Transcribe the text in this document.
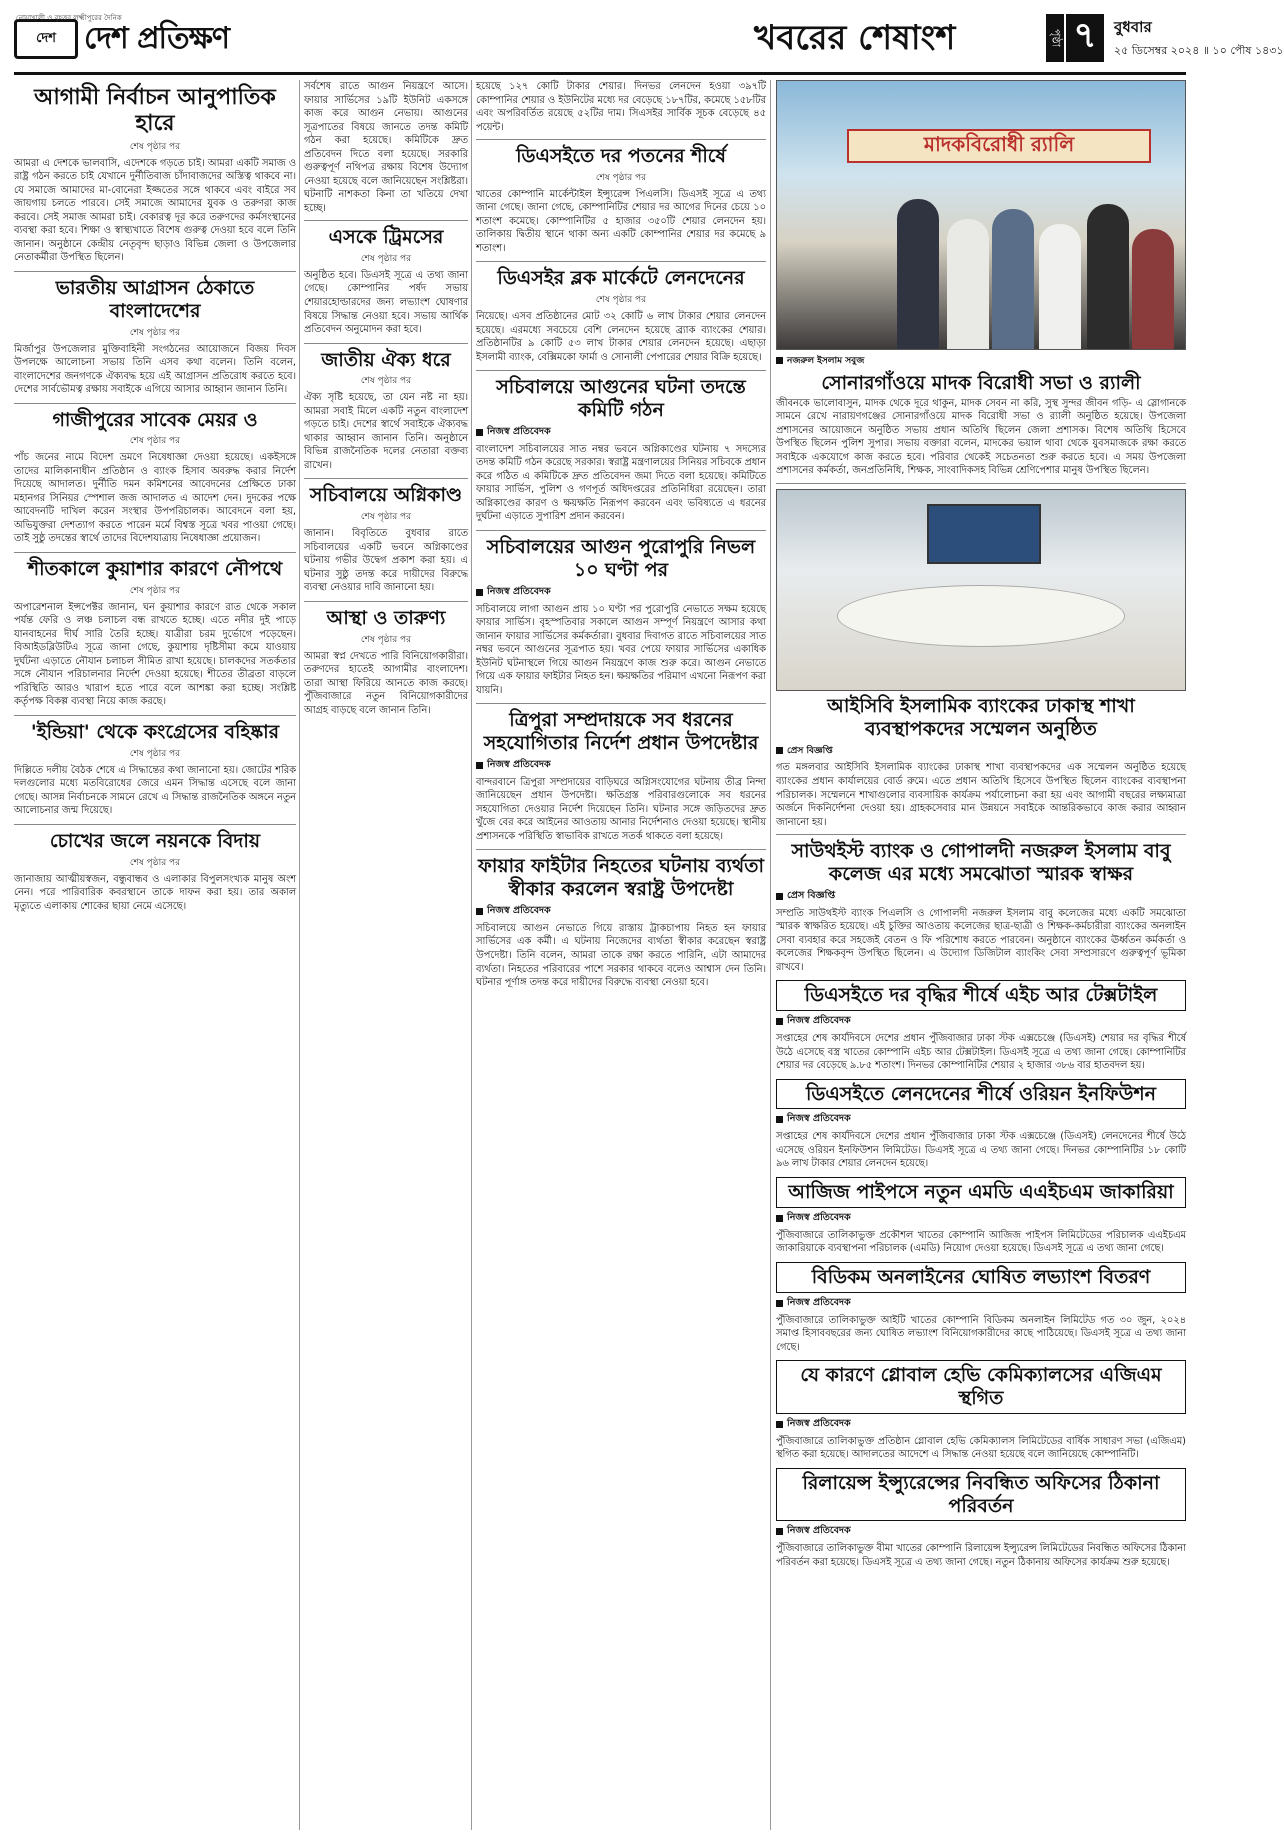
নোয়াখালী ও বৃহত্তর লক্ষ্মীপুরের দৈনিক
দেশ দেশ প্রতিক্ষণ	খবরের শেষাংশ	পৃষ্ঠা ৭	বুধবার
২৫ ডিসেম্বর ২০২৪ ॥ ১০ পৌষ ১৪৩১
আগামী নির্বাচন আনুপাতিক হারে
শেষ পৃষ্ঠার পর

আমরা এ দেশকে ভালবাসি, এদেশকে গড়তে চাই। আমরা একটি সমাজ ও রাষ্ট্র গঠন করতে চাই যেখানে দুর্নীতিবাজ চাঁদাবাজদের অস্তিত্ব থাকবে না। যে সমাজে আমাদের মা-বোনেরা ইজ্জতের সঙ্গে থাকবে এবং বাইরে সব জায়গায় চলতে পারবে। সেই সমাজে আমাদের যুবক ও তরুণরা কাজ করবে। সেই সমাজ আমরা চাই। বেকারত্ব দূর করে তরুণদের কর্মসংস্থানের ব্যবস্থা করা হবে। শিক্ষা ও স্বাস্থ্যখাতে বিশেষ গুরুত্ব দেওয়া হবে বলে তিনি জানান। অনুষ্ঠানে কেন্দ্রীয় নেতৃবৃন্দ ছাড়াও বিভিন্ন জেলা ও উপজেলার নেতাকর্মীরা উপস্থিত ছিলেন।

ভারতীয় আগ্রাসন ঠেকাতে বাংলাদেশের
শেষ পৃষ্ঠার পর

মির্জাপুর উপজেলার মুক্তিবাহিনী সংগঠনের আয়োজনে বিজয় দিবস উপলক্ষে আলোচনা সভায় তিনি এসব কথা বলেন। তিনি বলেন, বাংলাদেশের জনগণকে ঐক্যবদ্ধ হয়ে এই আগ্রাসন প্রতিরোধ করতে হবে। দেশের সার্বভৌমত্ব রক্ষায় সবাইকে এগিয়ে আসার আহ্বান জানান তিনি।

গাজীপুরের সাবেক মেয়র ও
শেষ পৃষ্ঠার পর

পাঁচ জনের নামে বিদেশ ভ্রমণে নিষেধাজ্ঞা দেওয়া হয়েছে। একইসঙ্গে তাদের মালিকানাধীন প্রতিষ্ঠান ও ব্যাংক হিসাব অবরুদ্ধ করার নির্দেশ দিয়েছে আদালত। দুর্নীতি দমন কমিশনের আবেদনের প্রেক্ষিতে ঢাকা মহানগর সিনিয়র স্পেশাল জজ আদালত এ আদেশ দেন। দুদকের পক্ষে আবেদনটি দাখিল করেন সংস্থার উপপরিচালক। আবেদনে বলা হয়, অভিযুক্তরা দেশত্যাগ করতে পারেন মর্মে বিশ্বস্ত সূত্রে খবর পাওয়া গেছে। তাই সুষ্ঠু তদন্তের স্বার্থে তাদের বিদেশযাত্রায় নিষেধাজ্ঞা প্রয়োজন।

শীতকালে কুয়াশার কারণে নৌপথে
শেষ পৃষ্ঠার পর

অপারেশনাল ইন্সপেক্টর জানান, ঘন কুয়াশার কারণে রাত থেকে সকাল পর্যন্ত ফেরি ও লঞ্চ চলাচল বন্ধ রাখতে হচ্ছে। এতে নদীর দুই পাড়ে যানবাহনের দীর্ঘ সারি তৈরি হচ্ছে। যাত্রীরা চরম দুর্ভোগে পড়েছেন। বিআইডব্লিউটিএ সূত্রে জানা গেছে, কুয়াশায় দৃষ্টিসীমা কমে যাওয়ায় দুর্ঘটনা এড়াতে নৌযান চলাচল সীমিত রাখা হয়েছে। চালকদের সতর্কতার সঙ্গে নৌযান পরিচালনার নির্দেশ দেওয়া হয়েছে। শীতের তীব্রতা বাড়লে পরিস্থিতি আরও খারাপ হতে পারে বলে আশঙ্কা করা হচ্ছে। সংশ্লিষ্ট কর্তৃপক্ষ বিকল্প ব্যবস্থা নিয়ে কাজ করছে।

'ইন্ডিয়া' থেকে কংগ্রেসের বহিষ্কার
শেষ পৃষ্ঠার পর

দিল্লিতে দলীয় বৈঠক শেষে এ সিদ্ধান্তের কথা জানানো হয়। জোটের শরিক দলগুলোর মধ্যে মতবিরোধের জেরে এমন সিদ্ধান্ত এসেছে বলে জানা গেছে। আসন্ন নির্বাচনকে সামনে রেখে এ সিদ্ধান্ত রাজনৈতিক অঙ্গনে নতুন আলোচনার জন্ম দিয়েছে।

চোখের জলে নয়নকে বিদায়
শেষ পৃষ্ঠার পর

জানাজায় আত্মীয়স্বজন, বন্ধুবান্ধব ও এলাকার বিপুলসংখ্যক মানুষ অংশ নেন। পরে পারিবারিক কবরস্থানে তাকে দাফন করা হয়। তার অকাল মৃত্যুতে এলাকায় শোকের ছায়া নেমে এসেছে।

সর্বশেষ রাতে আগুন নিয়ন্ত্রণে আসে। ফায়ার সার্ভিসের ১৯টি ইউনিট একসঙ্গে কাজ করে আগুন নেভায়। আগুনের সূত্রপাতের বিষয়ে জানতে তদন্ত কমিটি গঠন করা হয়েছে। কমিটিকে দ্রুত প্রতিবেদন দিতে বলা হয়েছে। সরকারি গুরুত্বপূর্ণ নথিপত্র রক্ষায় বিশেষ উদ্যোগ নেওয়া হয়েছে বলে জানিয়েছেন সংশ্লিষ্টরা। ঘটনাটি নাশকতা কিনা তা খতিয়ে দেখা হচ্ছে।

এসকে ট্রিমসের
শেষ পৃষ্ঠার পর

অনুষ্ঠিত হবে। ডিএসই সূত্রে এ তথ্য জানা গেছে। কোম্পানির পর্ষদ সভায় শেয়ারহোল্ডারদের জন্য লভ্যাংশ ঘোষণার বিষয়ে সিদ্ধান্ত নেওয়া হবে। সভায় আর্থিক প্রতিবেদন অনুমোদন করা হবে।

জাতীয় ঐক্য ধরে
শেষ পৃষ্ঠার পর

ঐক্য সৃষ্টি হয়েছে, তা যেন নষ্ট না হয়। আমরা সবাই মিলে একটি নতুন বাংলাদেশ গড়তে চাই। দেশের স্বার্থে সবাইকে ঐক্যবদ্ধ থাকার আহ্বান জানান তিনি। অনুষ্ঠানে বিভিন্ন রাজনৈতিক দলের নেতারা বক্তব্য রাখেন।

সচিবালয়ে অগ্নিকাণ্ড
শেষ পৃষ্ঠার পর

জানান। বিবৃতিতে বুধবার রাতে সচিবালয়ের একটি ভবনে অগ্নিকাণ্ডের ঘটনায় গভীর উদ্বেগ প্রকাশ করা হয়। এ ঘটনার সুষ্ঠু তদন্ত করে দায়ীদের বিরুদ্ধে ব্যবস্থা নেওয়ার দাবি জানানো হয়।

আস্থা ও তারুণ্য
শেষ পৃষ্ঠার পর

আমরা স্বপ্ন দেখতে পারি বিনিয়োগকারীরা। তরুণদের হাতেই আগামীর বাংলাদেশ। তারা আস্থা ফিরিয়ে আনতে কাজ করছে। পুঁজিবাজারে নতুন বিনিয়োগকারীদের আগ্রহ বাড়ছে বলে জানান তিনি।

হয়েছে ১২৭ কোটি টাকার শেয়ার। দিনভর লেনদেন হওয়া ৩৯৭টি কোম্পানির শেয়ার ও ইউনিটের মধ্যে দর বেড়েছে ১৮৭টির, কমেছে ১৫৮টির এবং অপরিবর্তিত রয়েছে ৫২টির দাম। সিএসইর সার্বিক সূচক বেড়েছে ৪৫ পয়েন্ট।

ডিএসইতে দর পতনের শীর্ষে
শেষ পৃষ্ঠার পর

খাতের কোম্পানি মার্কেন্টাইল ইন্স্যুরেন্স পিএলসি। ডিএসই সূত্রে এ তথ্য জানা গেছে। জানা গেছে, কোম্পানিটির শেয়ার দর আগের দিনের চেয়ে ১০ শতাংশ কমেছে। কোম্পানিটির ৫ হাজার ৩৫০টি শেয়ার লেনদেন হয়। তালিকায় দ্বিতীয় স্থানে থাকা অন্য একটি কোম্পানির শেয়ার দর কমেছে ৯ শতাংশ।

ডিএসইর ব্লক মার্কেটে লেনদেনের
শেষ পৃষ্ঠার পর

নিয়েছে। এসব প্রতিষ্ঠানের মোট ৩২ কোটি ৬ লাখ টাকার শেয়ার লেনদেন হয়েছে। এরমধ্যে সবচেয়ে বেশি লেনদেন হয়েছে ব্র্যাক ব্যাংকের শেয়ার। প্রতিষ্ঠানটির ৯ কোটি ৫৩ লাখ টাকার শেয়ার লেনদেন হয়েছে। এছাড়া ইসলামী ব্যাংক, বেক্সিমকো ফার্মা ও সোনালী পেপারের শেয়ার বিক্রি হয়েছে।

সচিবালয়ে আগুনের ঘটনা তদন্তে কমিটি গঠন
নিজস্ব প্রতিবেদক

বাংলাদেশ সচিবালয়ের সাত নম্বর ভবনে অগ্নিকাণ্ডের ঘটনায় ৭ সদস্যের তদন্ত কমিটি গঠন করেছে সরকার। স্বরাষ্ট্র মন্ত্রণালয়ের সিনিয়র সচিবকে প্রধান করে গঠিত এ কমিটিকে দ্রুত প্রতিবেদন জমা দিতে বলা হয়েছে। কমিটিতে ফায়ার সার্ভিস, পুলিশ ও গণপূর্ত অধিদপ্তরের প্রতিনিধিরা রয়েছেন। তারা অগ্নিকাণ্ডের কারণ ও ক্ষয়ক্ষতি নিরূপণ করবেন এবং ভবিষ্যতে এ ধরনের দুর্ঘটনা এড়াতে সুপারিশ প্রদান করবেন।

সচিবালয়ের আগুন পুরোপুরি নিভল ১০ ঘণ্টা পর
নিজস্ব প্রতিবেদক

সচিবালয়ে লাগা আগুন প্রায় ১০ ঘণ্টা পর পুরোপুরি নেভাতে সক্ষম হয়েছে ফায়ার সার্ভিস। বৃহস্পতিবার সকালে আগুন সম্পূর্ণ নিয়ন্ত্রণে আসার কথা জানান ফায়ার সার্ভিসের কর্মকর্তারা। বুধবার দিবাগত রাতে সচিবালয়ের সাত নম্বর ভবনে আগুনের সূত্রপাত হয়। খবর পেয়ে ফায়ার সার্ভিসের একাধিক ইউনিট ঘটনাস্থলে গিয়ে আগুন নিয়ন্ত্রণে কাজ শুরু করে। আগুন নেভাতে গিয়ে এক ফায়ার ফাইটার নিহত হন। ক্ষয়ক্ষতির পরিমাণ এখনো নিরূপণ করা যায়নি।

ত্রিপুরা সম্প্রদায়কে সব ধরনের সহযোগিতার নির্দেশ প্রধান উপদেষ্টার
নিজস্ব প্রতিবেদক

বান্দরবানে ত্রিপুরা সম্প্রদায়ের বাড়িঘরে অগ্নিসংযোগের ঘটনায় তীব্র নিন্দা জানিয়েছেন প্রধান উপদেষ্টা। ক্ষতিগ্রস্ত পরিবারগুলোকে সব ধরনের সহযোগিতা দেওয়ার নির্দেশ দিয়েছেন তিনি। ঘটনার সঙ্গে জড়িতদের দ্রুত খুঁজে বের করে আইনের আওতায় আনার নির্দেশনাও দেওয়া হয়েছে। স্থানীয় প্রশাসনকে পরিস্থিতি স্বাভাবিক রাখতে সতর্ক থাকতে বলা হয়েছে।

ফায়ার ফাইটার নিহতের ঘটনায় ব্যর্থতা স্বীকার করলেন স্বরাষ্ট্র উপদেষ্টা
নিজস্ব প্রতিবেদক

সচিবালয়ে আগুন নেভাতে গিয়ে রাস্তায় ট্রাকচাপায় নিহত হন ফায়ার সার্ভিসের এক কর্মী। এ ঘটনায় নিজেদের ব্যর্থতা স্বীকার করেছেন স্বরাষ্ট্র উপদেষ্টা। তিনি বলেন, আমরা তাকে রক্ষা করতে পারিনি, এটা আমাদের ব্যর্থতা। নিহতের পরিবারের পাশে সরকার থাকবে বলেও আশ্বাস দেন তিনি। ঘটনার পূর্ণাঙ্গ তদন্ত করে দায়ীদের বিরুদ্ধে ব্যবস্থা নেওয়া হবে।

মাদকবিরোধী র‍্যালি
নজরুল ইসলাম সবুজ
সোনারগাঁওয়ে মাদক বিরোধী সভা ও র‍্যালী

জীবনকে ভালোবাসুন, মাদক থেকে দূরে থাকুন, মাদক সেবন না করি, সুস্থ সুন্দর জীবন গড়ি- এ স্লোগানকে সামনে রেখে নারায়ণগঞ্জের সোনারগাঁওয়ে মাদক বিরোধী সভা ও র‍্যালী অনুষ্ঠিত হয়েছে। উপজেলা প্রশাসনের আয়োজনে অনুষ্ঠিত সভায় প্রধান অতিথি ছিলেন জেলা প্রশাসক। বিশেষ অতিথি হিসেবে উপস্থিত ছিলেন পুলিশ সুপার। সভায় বক্তারা বলেন, মাদকের ভয়াল থাবা থেকে যুবসমাজকে রক্ষা করতে সবাইকে একযোগে কাজ করতে হবে। পরিবার থেকেই সচেতনতা শুরু করতে হবে। এ সময় উপজেলা প্রশাসনের কর্মকর্তা, জনপ্রতিনিধি, শিক্ষক, সাংবাদিকসহ বিভিন্ন শ্রেণিপেশার মানুষ উপস্থিত ছিলেন।

আইসিবি ইসলামিক ব্যাংকের ঢাকাস্থ শাখা ব্যবস্থাপকদের সম্মেলন অনুষ্ঠিত
প্রেস বিজ্ঞপ্তি

গত মঙ্গলবার আইসিবি ইসলামিক ব্যাংকের ঢাকাস্থ শাখা ব্যবস্থাপকদের এক সম্মেলন অনুষ্ঠিত হয়েছে ব্যাংকের প্রধান কার্যালয়ের বোর্ড রুমে। এতে প্রধান অতিথি হিসেবে উপস্থিত ছিলেন ব্যাংকের ব্যবস্থাপনা পরিচালক। সম্মেলনে শাখাগুলোর ব্যবসায়িক কার্যক্রম পর্যালোচনা করা হয় এবং আগামী বছরের লক্ষ্যমাত্রা অর্জনে দিকনির্দেশনা দেওয়া হয়। গ্রাহকসেবার মান উন্নয়নে সবাইকে আন্তরিকভাবে কাজ করার আহ্বান জানানো হয়।

সাউথইস্ট ব্যাংক ও গোপালদী নজরুল ইসলাম বাবু কলেজ এর মধ্যে সমঝোতা স্মারক স্বাক্ষর
প্রেস বিজ্ঞপ্তি

সম্প্রতি সাউথইস্ট ব্যাংক পিএলসি ও গোপালদী নজরুল ইসলাম বাবু কলেজের মধ্যে একটি সমঝোতা স্মারক স্বাক্ষরিত হয়েছে। এই চুক্তির আওতায় কলেজের ছাত্র-ছাত্রী ও শিক্ষক-কর্মচারীরা ব্যাংকের অনলাইন সেবা ব্যবহার করে সহজেই বেতন ও ফি পরিশোধ করতে পারবেন। অনুষ্ঠানে ব্যাংকের ঊর্ধ্বতন কর্মকর্তা ও কলেজের শিক্ষকবৃন্দ উপস্থিত ছিলেন। এ উদ্যোগ ডিজিটাল ব্যাংকিং সেবা সম্প্রসারণে গুরুত্বপূর্ণ ভূমিকা রাখবে।

ডিএসইতে দর বৃদ্ধির শীর্ষে এইচ আর টেক্সটাইল
নিজস্ব প্রতিবেদক

সপ্তাহের শেষ কার্যদিবসে দেশের প্রধান পুঁজিবাজার ঢাকা স্টক এক্সচেঞ্জে (ডিএসই) শেয়ার দর বৃদ্ধির শীর্ষে উঠে এসেছে বস্ত্র খাতের কোম্পানি এইচ আর টেক্সটাইল। ডিএসই সূত্রে এ তথ্য জানা গেছে। কোম্পানিটির শেয়ার দর বেড়েছে ৯.৮৫ শতাংশ। দিনভর কোম্পানিটির শেয়ার ২ হাজার ৩৮৬ বার হাতবদল হয়।

ডিএসইতে লেনদেনের শীর্ষে ওরিয়ন ইনফিউশন
নিজস্ব প্রতিবেদক

সপ্তাহের শেষ কার্যদিবসে দেশের প্রধান পুঁজিবাজার ঢাকা স্টক এক্সচেঞ্জে (ডিএসই) লেনদেনের শীর্ষে উঠে এসেছে ওরিয়ন ইনফিউশন লিমিটেড। ডিএসই সূত্রে এ তথ্য জানা গেছে। দিনভর কোম্পানিটির ১৮ কোটি ৯৬ লাখ টাকার শেয়ার লেনদেন হয়েছে।

আজিজ পাইপসে নতুন এমডি এএইচএম জাকারিয়া
নিজস্ব প্রতিবেদক

পুঁজিবাজারে তালিকাভুক্ত প্রকৌশল খাতের কোম্পানি আজিজ পাইপস লিমিটেডের পরিচালক এএইচএম জাকারিয়াকে ব্যবস্থাপনা পরিচালক (এমডি) নিয়োগ দেওয়া হয়েছে। ডিএসই সূত্রে এ তথ্য জানা গেছে।

বিডিকম অনলাইনের ঘোষিত লভ্যাংশ বিতরণ
নিজস্ব প্রতিবেদক

পুঁজিবাজারে তালিকাভুক্ত আইটি খাতের কোম্পানি বিডিকম অনলাইন লিমিটেড গত ৩০ জুন, ২০২৪ সমাপ্ত হিসাববছরের জন্য ঘোষিত লভ্যাংশ বিনিয়োগকারীদের কাছে পাঠিয়েছে। ডিএসই সূত্রে এ তথ্য জানা গেছে।

যে কারণে গ্লোবাল হেভি কেমিক্যালসের এজিএম স্থগিত
নিজস্ব প্রতিবেদক

পুঁজিবাজারে তালিকাভুক্ত প্রতিষ্ঠান গ্লোবাল হেভি কেমিক্যালস লিমিটেডের বার্ষিক সাধারণ সভা (এজিএম) স্থগিত করা হয়েছে। আদালতের আদেশে এ সিদ্ধান্ত নেওয়া হয়েছে বলে জানিয়েছে কোম্পানিটি।

রিলায়েন্স ইন্স্যুরেন্সের নিবন্ধিত অফিসের ঠিকানা পরিবর্তন
নিজস্ব প্রতিবেদক

পুঁজিবাজারে তালিকাভুক্ত বীমা খাতের কোম্পানি রিলায়েন্স ইন্স্যুরেন্স লিমিটেডের নিবন্ধিত অফিসের ঠিকানা পরিবর্তন করা হয়েছে। ডিএসই সূত্রে এ তথ্য জানা গেছে। নতুন ঠিকানায় অফিসের কার্যক্রম শুরু হয়েছে।
